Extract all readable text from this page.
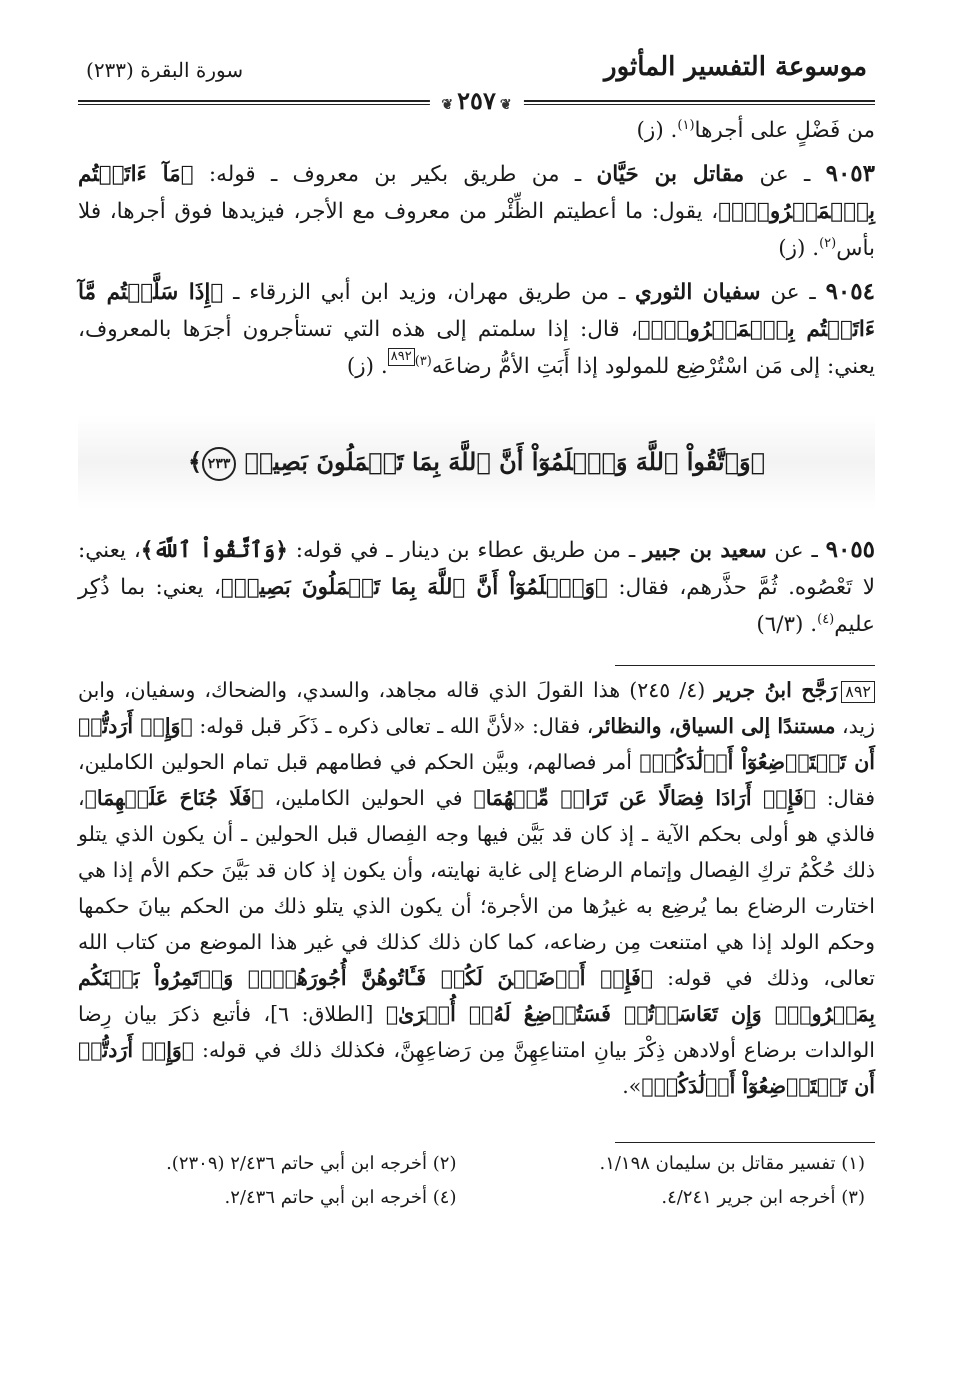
موسوعة التفسير المأثور
سورة البقرة (٢٣٣)
❦٢٥٧❦

من فَضْلٍ على أجرها$^{(١)}$. (ز)

٩٠٥٣ ـ عن مقاتل بن حَيَّان ـ من طريق بكير بن معروف ـ قوله: ﴿مَآ ءَاتَيۡتُم بِٱلۡمَعۡرُوفِۗ﴾، يقول: ما أعطيتم الظِّئْر من معروف مع الأجر، فيزيدها فوق أجرها، فلا بأس$^{(٢)}$. (ز)

٩٠٥٤ ـ عن سفيان الثوري ـ من طريق مهران، وزيد ابن أبي الزرقاء ـ ﴿إِذَا سَلَّمۡتُم مَّآ ءَاتَيۡتُم بِٱلۡمَعۡرُوفِۗ﴾، قال: إذا سلمتم إلى هذه التي تستأجرون أجرَها بالمعروف، يعني: إلى مَن اسْتُرْضِع للمولود إذا أَبَتِ الأمُّ رضاعَه$^{(٣)}$٨٩٢. (ز)

﴿وَٱتَّقُواْ ٱللَّهَ وَٱعۡلَمُوٓاْ أَنَّ ٱللَّهَ بِمَا تَعۡمَلُونَ بَصِيرٞ ٢٣٣﴾

٩٠٥٥ ـ عن سعيد بن جبير ـ من طريق عطاء بن دينار ـ في قوله: ﴿وَٱتَّقُواْ ٱللَّهَ﴾، يعني: لا تَعْصُوه. ثُمَّ حذَّرهم، فقال: ﴿وَٱعۡلَمُوٓاْ أَنَّ ٱللَّهَ بِمَا تَعۡمَلُونَ بَصِيرٞ﴾، يعني: بما ذُكِر عليم$^{(٤)}$. (٦/٣)

٨٩٢رَجَّح ابنُ جرير (٤/ ٢٤٥) هذا القولَ الذي قاله مجاهد، والسدي، والضحاك، وسفيان، وابن زيد، مستندًا إلى السياق، والنظائر، فقال: «لأنَّ الله ـ تعالى ذكره ـ ذَكَر قبل قوله: ﴿وَإِنۡ أَرَدتُّمۡ أَن تَسۡتَرۡضِعُوٓاْ أَوۡلَٰدَكُمۡ﴾ أمر فصالهم، وبيَّن الحكم في فطامهم قبل تمام الحولين الكاملين، فقال: ﴿فَإِنۡ أَرَادَا فِصَالًا عَن تَرَاضٖ مِّنۡهُمَا﴾ في الحولين الكاملين، ﴿فَلَا جُنَاحَ عَلَيۡهِمَا﴾، فالذي هو أولى بحكم الآية ـ إذ كان قد بَيَّن فيها وجه الفِصال قبل الحولين ـ أن يكون الذي يتلو ذلك حُكْمُ تركِ الفِصال وإتمام الرضاع إلى غاية نهايته، وأن يكون إذ كان قد بَيَّنَ حكم الأم إذا هي اختارت الرضاع بما يُرضِع به غيرُها من الأجرة؛ أن يكون الذي يتلو ذلك من الحكم بيانَ حكمها وحكم الولد إذا هي امتنعت مِن رضاعه، كما كان ذلك كذلك في غير هذا الموضع من كتاب الله تعالى، وذلك في قوله: ﴿فَإِنۡ أَرۡضَعۡنَ لَكُمۡ فَـَٔاتُوهُنَّ أُجُورَهُنَّۖ وَأۡتَمِرُواْ بَيۡنَكُم بِمَعۡرُوفٖۖ وَإِن تَعَاسَرۡتُمۡ فَسَتُرۡضِعُ لَهُۥٓ أُخۡرَىٰ﴾ [الطلاق: ٦]، فأتبع ذكرَ بيان رِضا الوالدات برضاع أولادهن ذِكْرَ بيانِ امتناعِهِنَّ مِن رَضاعِهِنَّ، فكذلك ذلك في قوله: ﴿وَإِنۡ أَرَدتُّمۡ أَن تَسۡتَرۡضِعُوٓاْ أَوۡلَٰدَكُمۡ﴾».
(١) تفسير مقاتل بن سليمان ١/١٩٨.
(٢) أخرجه ابن أبي حاتم ٢/٤٣٦ (٢٣٠٩).
(٣) أخرجه ابن جرير ٤/٢٤١.
(٤) أخرجه ابن أبي حاتم ٢/٤٣٦.
